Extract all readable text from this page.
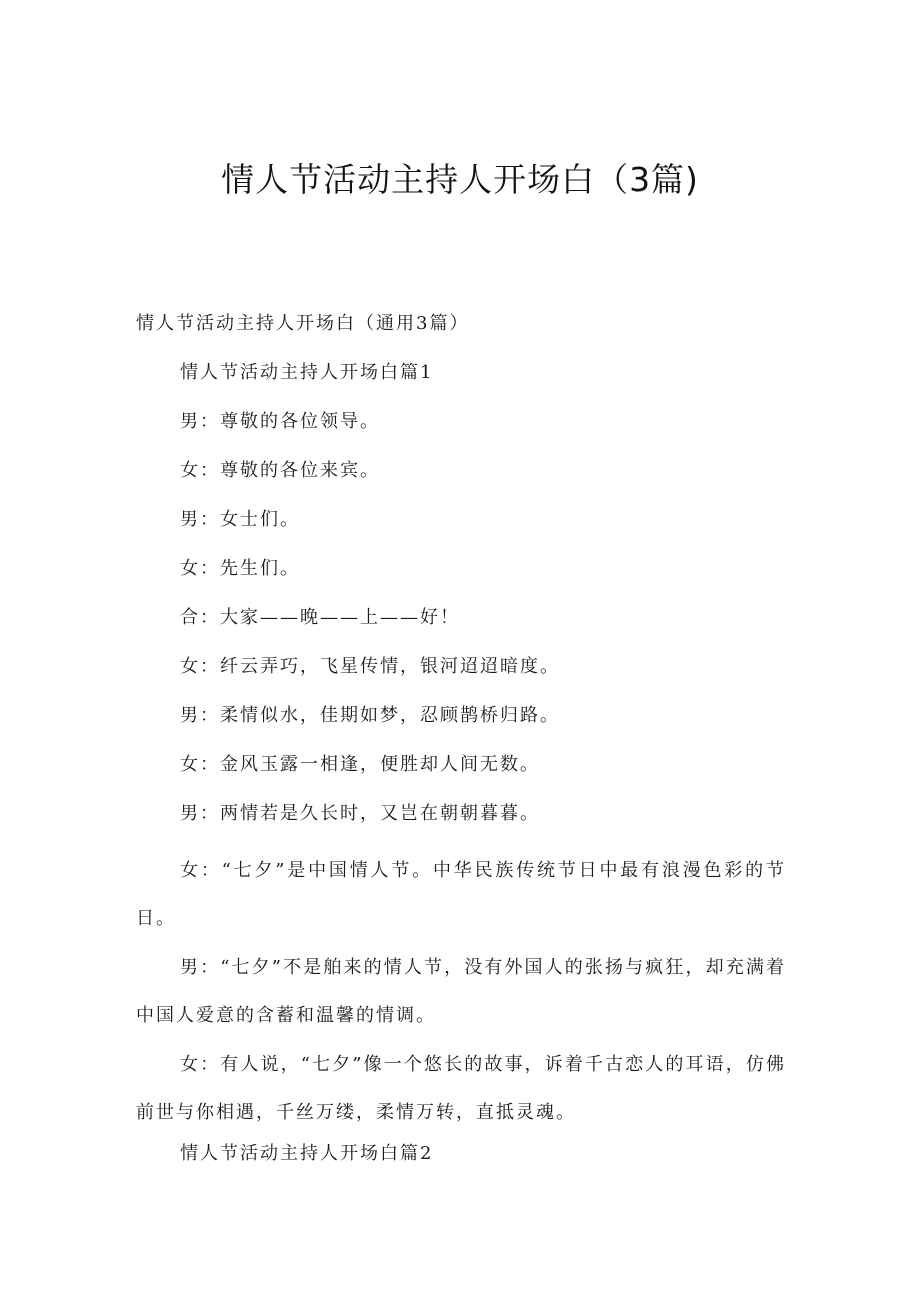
情人节活动主持人开场白（3篇)

情人节活动主持人开场白（通用3篇）

情人节活动主持人开场白篇1

男：尊敬的各位领导。

女：尊敬的各位来宾。

男：女士们。

女：先生们。

合：大家——晚——上——好！

女：纤云弄巧，飞星传情，银河迢迢暗度。

男：柔情似水，佳期如梦，忍顾鹊桥归路。

女：金风玉露一相逢，便胜却人间无数。

男：两情若是久长时，又岂在朝朝暮暮。

女：“七夕”是中国情人节。中华民族传统节日中最有浪漫色彩的节日。

男：“七夕”不是舶来的情人节，没有外国人的张扬与疯狂，却充满着中国人爱意的含蓄和温馨的情调。

女：有人说，“七夕”像一个悠长的故事，诉着千古恋人的耳语，仿佛前世与你相遇，千丝万缕，柔情万转，直抵灵魂。

情人节活动主持人开场白篇2
